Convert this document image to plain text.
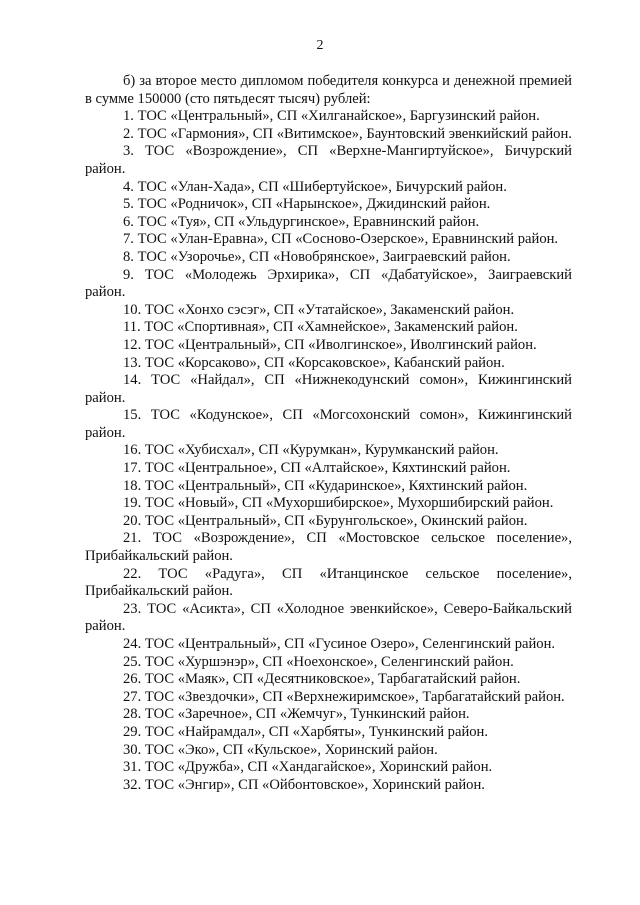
2

б) за второе место дипломом победителя конкурса и денежной премией в сумме 150000 (сто пятьдесят тысяч) рублей:

1. ТОС «Центральный», СП «Хилганайское», Баргузинский район.

2. ТОС «Гармония», СП «Витимское», Баунтовский эвенкийский район.

3. ТОС «Возрождение», СП «Верхне-Мангиртуйское», Бичурский район.

4. ТОС «Улан-Хада», СП «Шибертуйское», Бичурский район.

5. ТОС «Родничок», СП «Нарынское», Джидинский район.

6. ТОС «Туя», СП «Ульдургинское», Еравнинский район.

7. ТОС «Улан-Еравна», СП «Сосново-Озерское», Еравнинский район.

8. ТОС «Узорочье», СП «Новобрянское», Заиграевский район.

9. ТОС «Молодежь Эрхирика», СП «Дабатуйское», Заиграевский район.

10. ТОС «Хонхо сэсэг», СП «Утатайское», Закаменский район.

11. ТОС «Спортивная», СП «Хамнейское», Закаменский район.

12. ТОС «Центральный», СП «Иволгинское», Иволгинский район.

13. ТОС «Корсаково», СП «Корсаковское», Кабанский район.

14. ТОС «Найдал», СП «Нижнекодунский сомон», Кижингинский район.

15. ТОС «Кодунское», СП «Могсохонский сомон», Кижингинский район.

16. ТОС «Хубисхал», СП «Курумкан», Курумканский район.

17. ТОС «Центральное», СП «Алтайское», Кяхтинский район.

18. ТОС «Центральный», СП «Кударинское», Кяхтинский район.

19. ТОС «Новый», СП «Мухоршибирское», Мухоршибирский район.

20. ТОС «Центральный», СП «Бурунгольское», Окинский район.

21. ТОС «Возрождение», СП «Мостовское сельское поселение», Прибайкальский район.

22. ТОС «Радуга», СП «Итанцинское сельское поселение», Прибайкальский район.

23. ТОС «Асикта», СП «Холодное эвенкийское», Северо-Байкальский район.

24. ТОС «Центральный», СП «Гусиное Озеро», Селенгинский район.

25. ТОС «Хуршэнэр», СП «Ноехонское», Селенгинский район.

26. ТОС «Маяк», СП «Десятниковское», Тарбагатайский район.

27. ТОС «Звездочки», СП «Верхнежиримское», Тарбагатайский район.

28. ТОС «Заречное», СП «Жемчуг», Тункинский район.

29. ТОС «Найрамдал», СП «Харбяты», Тункинский район.

30. ТОС «Эко», СП «Кульское», Хоринский район.

31. ТОС «Дружба», СП «Хандагайское», Хоринский район.

32. ТОС «Энгир», СП «Ойбонтовское», Хоринский район.
